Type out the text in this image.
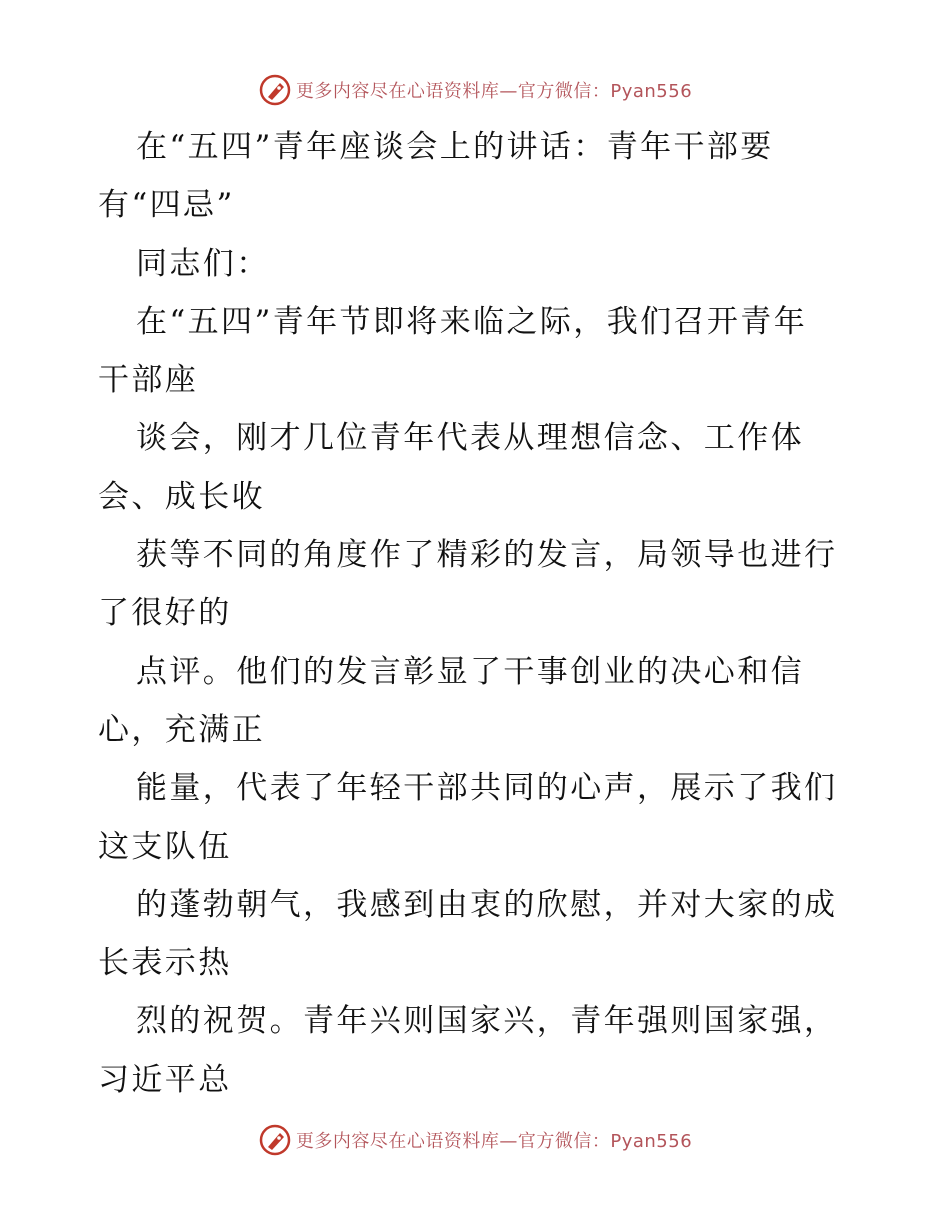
更多内容尽在心语资料库—官方微信：Pyan556
在“五四”青年座谈会上的讲话：青年干部要
有“四忌”
同志们：
在“五四”青年节即将来临之际，我们召开青年
干部座
谈会，刚才几位青年代表从理想信念、工作体
会、成长收
获等不同的角度作了精彩的发言，局领导也进行
了很好的
点评。他们的发言彰显了干事创业的决心和信
心，充满正
能量，代表了年轻干部共同的心声，展示了我们
这支队伍
的蓬勃朝气，我感到由衷的欣慰，并对大家的成
长表示热
烈的祝贺。青年兴则国家兴，青年强则国家强，
习近平总
更多内容尽在心语资料库—官方微信：Pyan556
